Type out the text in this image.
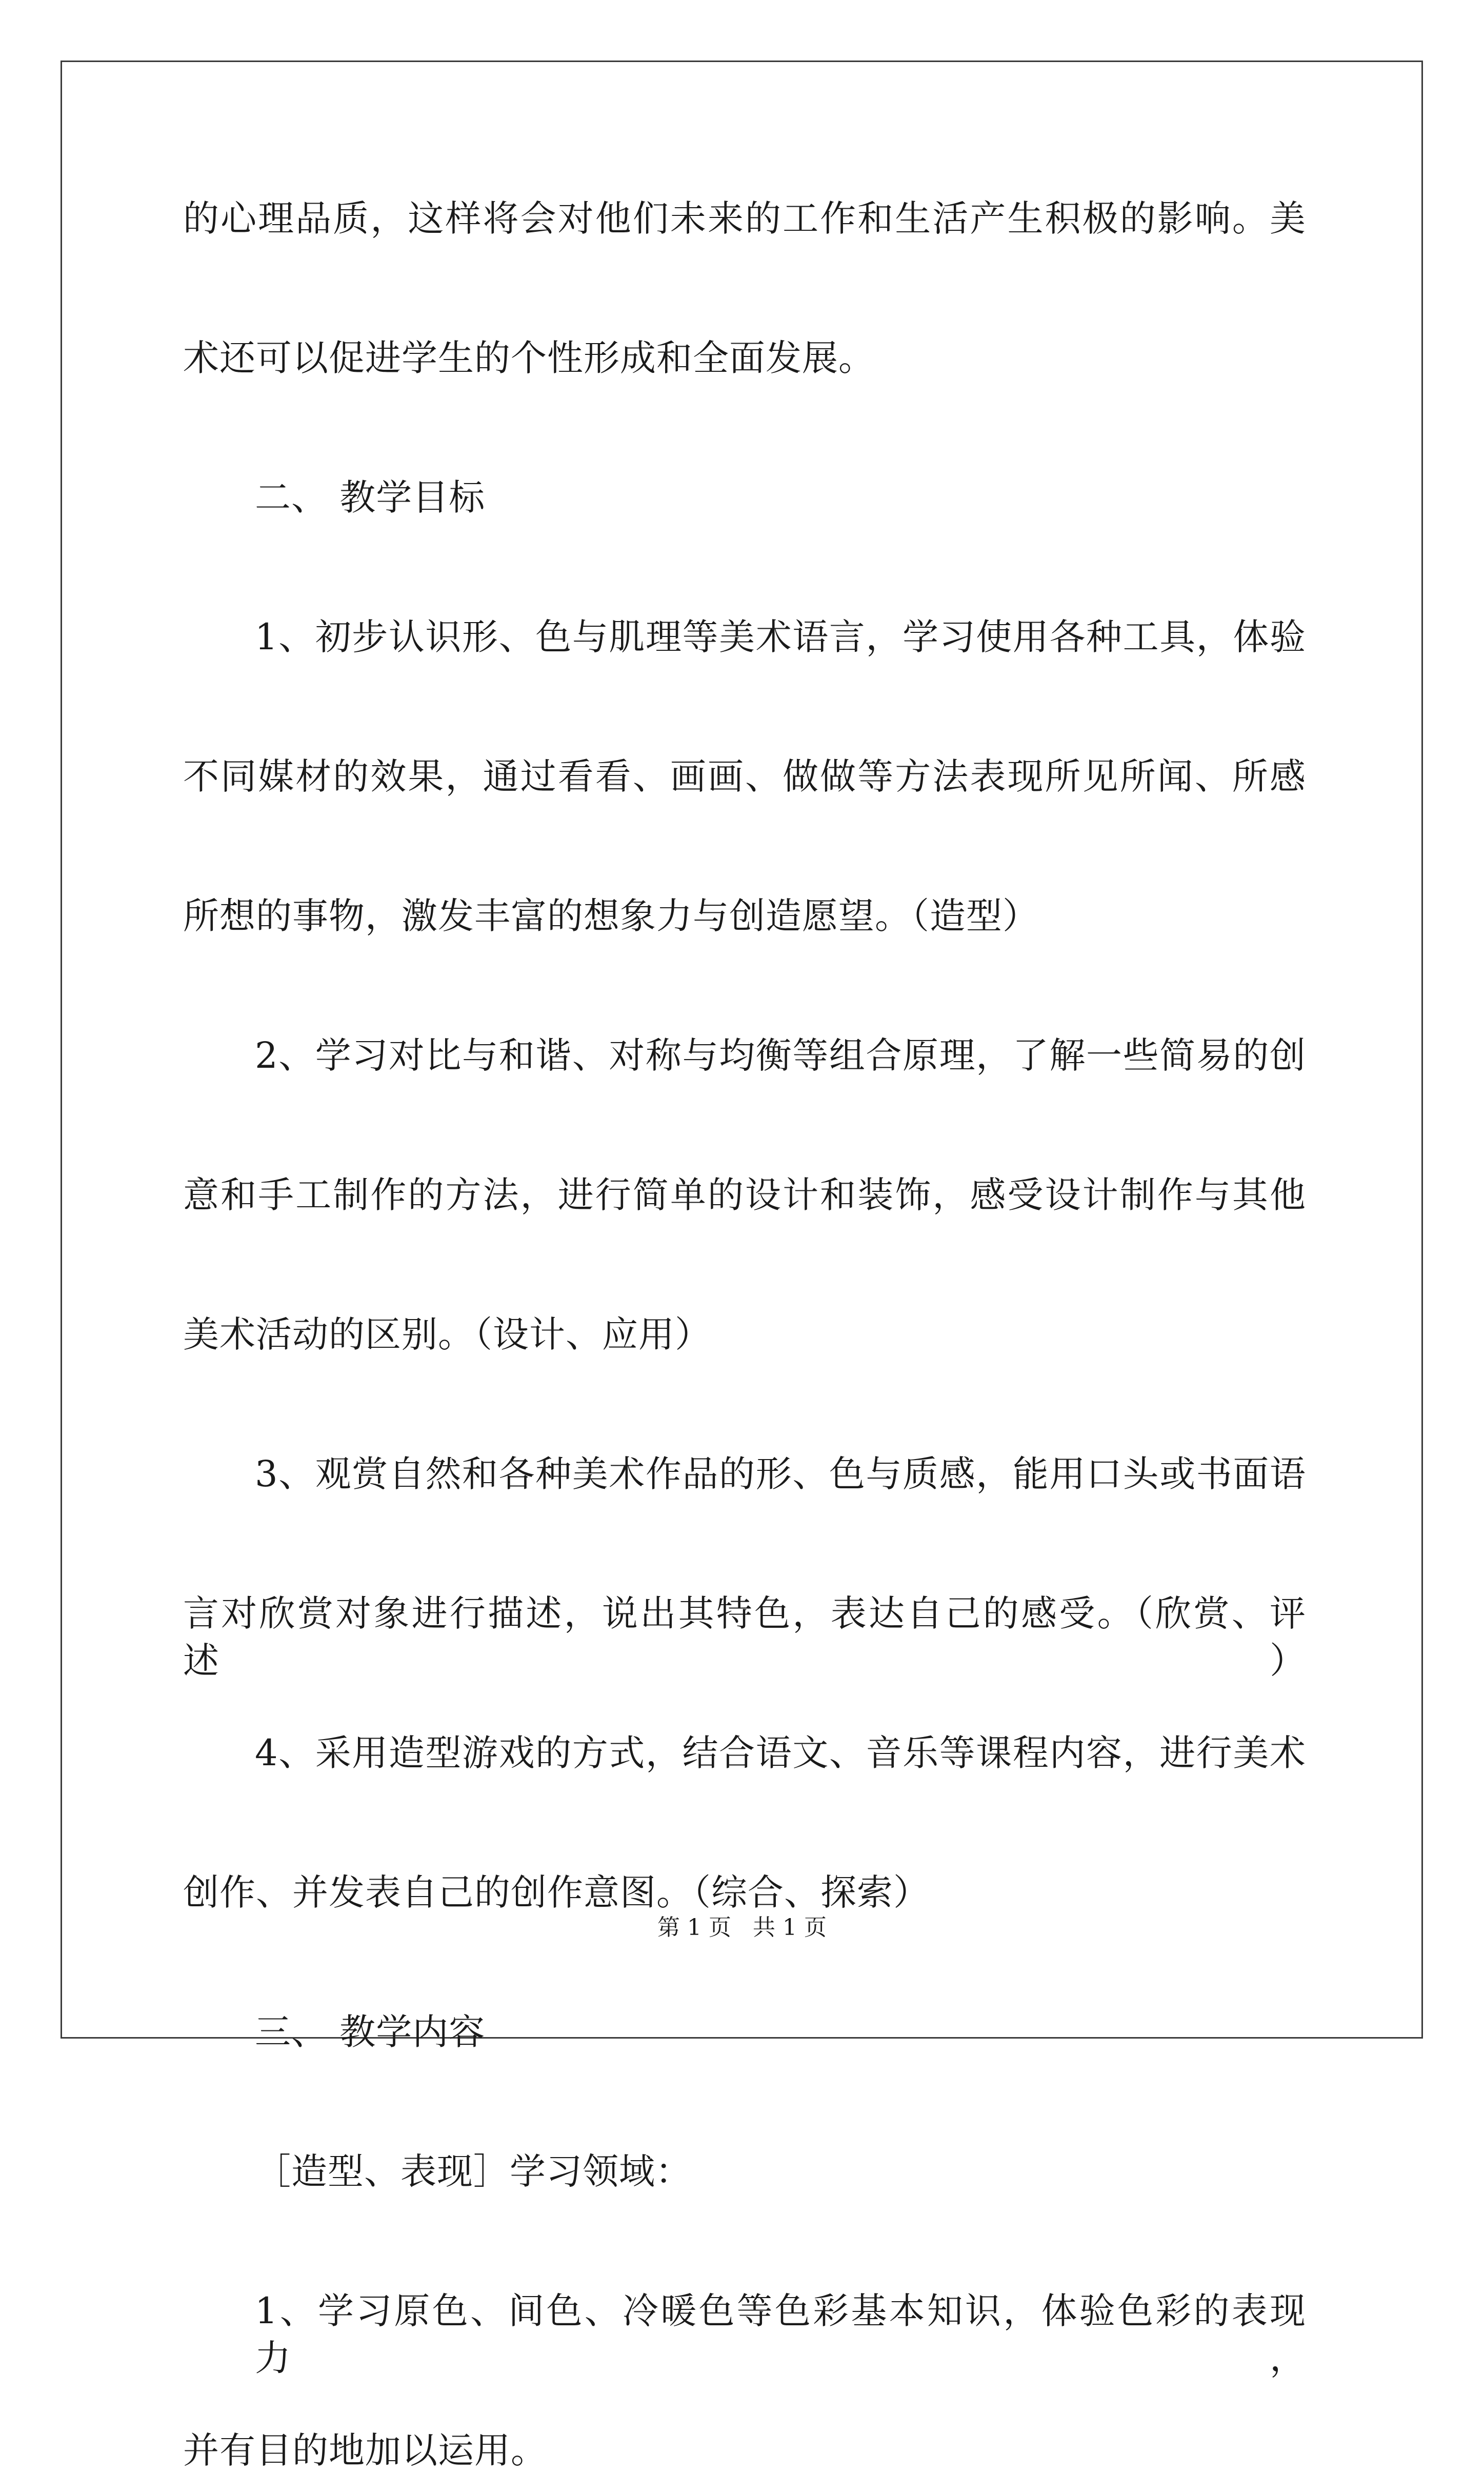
的心理品质，这样将会对他们未来的工作和生活产生积极的影响。美

术还可以促进学生的个性形成和全面发展。

二、 教学目标

1、初步认识形、色与肌理等美术语言，学习使用各种工具，体验

不同媒材的效果，通过看看、画画、做做等方法表现所见所闻、所感

所想的事物，激发丰富的想象力与创造愿望。（造型）

2、学习对比与和谐、对称与均衡等组合原理，了解一些简易的创

意和手工制作的方法，进行简单的设计和装饰，感受设计制作与其他

美术活动的区别。（设计、应用）

3、观赏自然和各种美术作品的形、色与质感，能用口头或书面语

言对欣赏对象进行描述，说出其特色，表达自己的感受。（欣赏、评述）

4、采用造型游戏的方式，结合语文、音乐等课程内容，进行美术

创作、并发表自己的创作意图。（综合、探索）

三、 教学内容

［造型、表现］学习领域：

1、学习原色、间色、冷暖色等色彩基本知识，体验色彩的表现力，

并有目的地加以运用。

第 1 页 共 1 页
